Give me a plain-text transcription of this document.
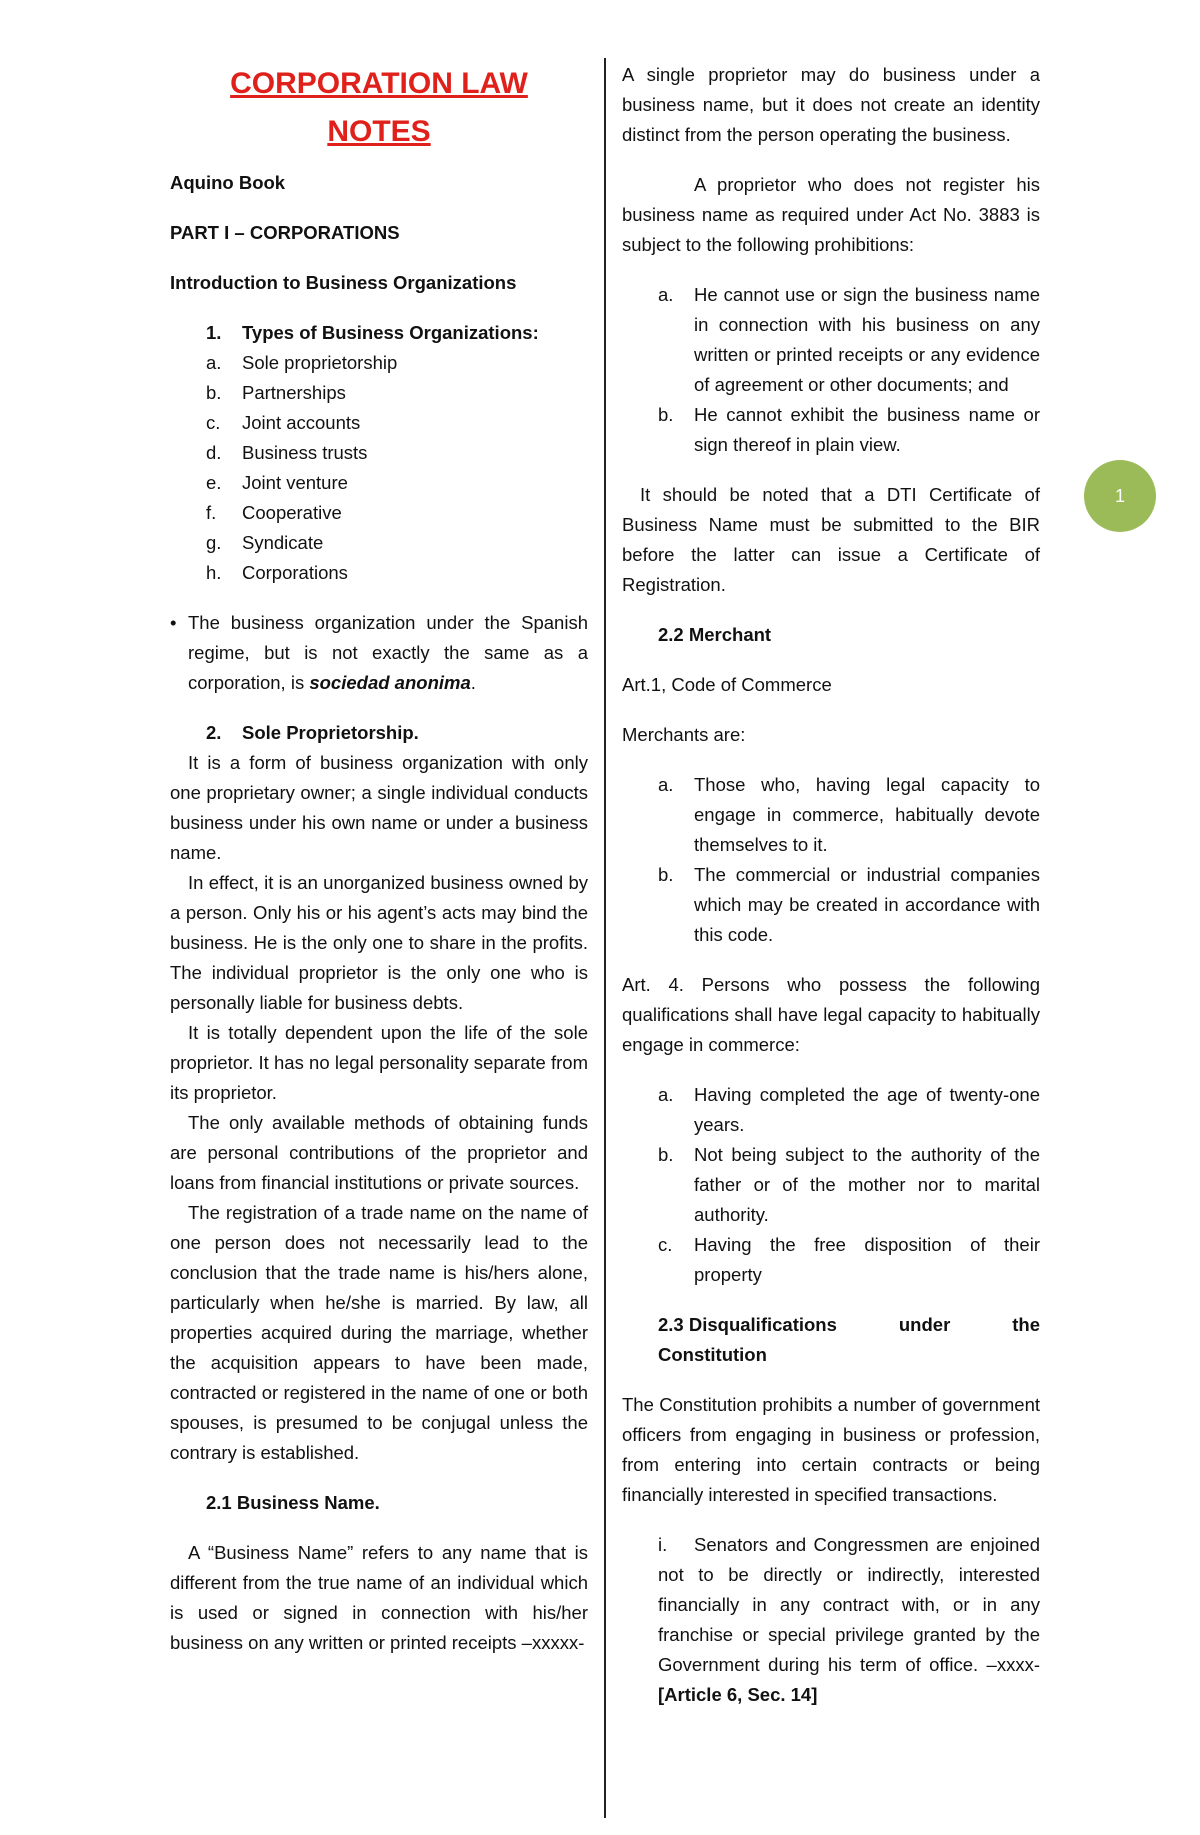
CORPORATION LAW
NOTES

Aquino Book

PART I – CORPORATIONS

Introduction to Business Organizations

1.	Types of Business Organizations:
a. Sole proprietorship
b. Partnerships
c. Joint accounts
d. Business trusts
e. Joint venture
f. Cooperative
g. Syndicate
h. Corporations
• The business organization under the Spanish regime, but is not exactly the same as a corporation, is sociedad anonima.
2.	Sole Proprietorship.

It is a form of business organization with only one proprietary owner; a single individual conducts business under his own name or under a business name.

In effect, it is an unorganized business owned by a person. Only his or his agent’s acts may bind the business. He is the only one to share in the profits. The individual proprietor is the only one who is personally liable for business debts.

It is totally dependent upon the life of the sole proprietor. It has no legal personality separate from its proprietor.

The only available methods of obtaining funds are personal contributions of the proprietor and loans from financial institutions or private sources.

The registration of a trade name on the name of one person does not necessarily lead to the conclusion that the trade name is his/hers alone, particularly when he/she is married. By law, all properties acquired during the marriage, whether the acquisition appears to have been made, contracted or registered in the name of one or both spouses, is presumed to be conjugal unless the contrary is established.

2.1 Business Name.

A “Business Name” refers to any name that is different from the true name of an individual which is used or signed in connection with his/her business on any written or printed receipts –xxxxx-

A single proprietor may do business under a business name, but it does not create an identity distinct from the person operating the business.

A proprietor who does not register his business name as required under Act No. 3883 is subject to the following prohibitions:

a. He cannot use or sign the business name in connection with his business on any written or printed receipts or any evidence of agreement or other documents; and
b. He cannot exhibit the business name or sign thereof in plain view.

It should be noted that a DTI Certificate of Business Name must be submitted to the BIR before the latter can issue a Certificate of Registration.

2.2 Merchant

Art.1, Code of Commerce

Merchants are:

a. Those who, having legal capacity to engage in commerce, habitually devote themselves to it.
b. The commercial or industrial companies which may be created in accordance with this code.

Art. 4. Persons who possess the following qualifications shall have legal capacity to habitually engage in commerce:

a. Having completed the age of twenty-one years.
b. Not being subject to the authority of the father or of the mother nor to marital authority.
c. Having the free disposition of their property
2.3 Disqualifications	under	the
Constitution

The Constitution prohibits a number of government officers from engaging in business or profession, from entering into certain contracts or being financially interested in specified transactions.

i.	Senators and Congressmen are enjoined not to be directly or indirectly, interested financially in any contract with, or in any franchise or special privilege granted by the Government during his term of office. –xxxx- [Article 6, Sec. 14]
1
